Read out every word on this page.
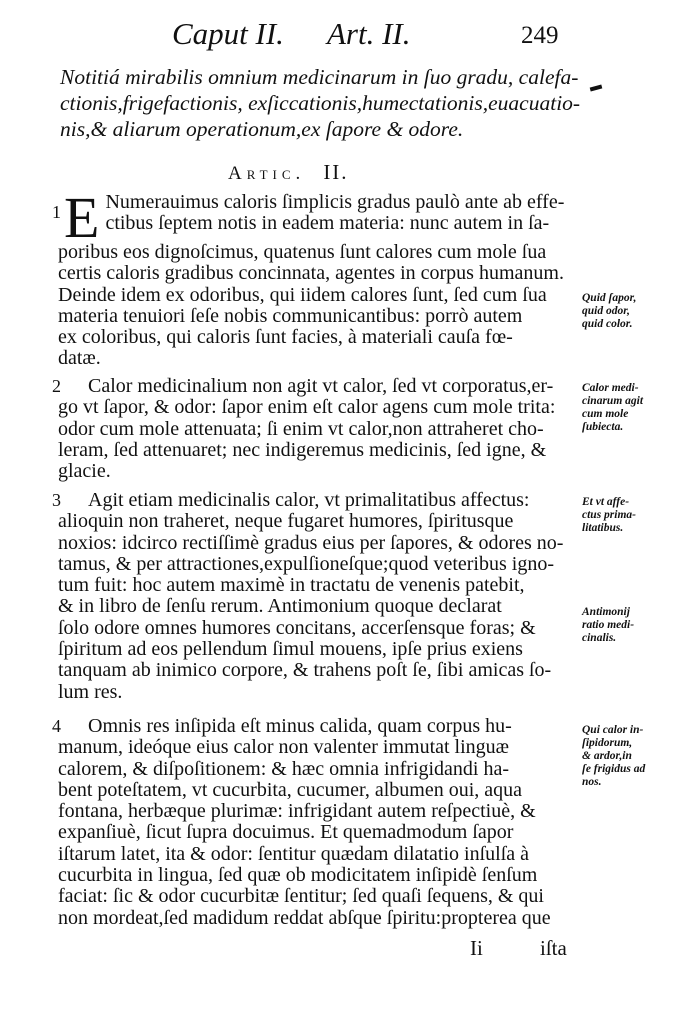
Caput II. Art. II.	249
Notitiá mirabilis omnium medicinarum in ſuo gradu, calefa-
ctionis,frigefactionis, exſiccationis,humectationis,euacuatio-
nis,& aliarum operationum,ex ſapore & odore.
Artic. II.
1 E Numerauimus caloris ſimplicis gradus paulò ante ab effe-
ctibus ſeptem notis in eadem materia: nunc autem in ſa-
poribus eos dignoſcimus, quatenus ſunt calores cum mole ſua
certis caloris gradibus concinnata, agentes in corpus humanum.
Deinde idem ex odoribus, qui iidem calores ſunt, ſed cum ſua
materia tenuiori ſeſe nobis communicantibus: porrò autem
ex coloribus, qui caloris ſunt facies, à materiali cauſa fœ-
datæ.
2	Calor medicinalium non agit vt calor, ſed vt corporatus,er-
go vt ſapor, & odor: ſapor enim eſt calor agens cum mole trita:
odor cum mole attenuata; ſi enim vt calor,non attraheret cho-
leram, ſed attenuaret; nec indigeremus medicinis, ſed igne, &
glacie.
3	Agit etiam medicinalis calor, vt primalitatibus affectus:
alioquin non traheret, neque fugaret humores, ſpiritusque
noxios: idcirco rectiſſimè gradus eius per ſapores, & odores no-
tamus, & per attractiones,expulſioneſque;quod veteribus igno-
tum fuit: hoc autem maximè in tractatu de venenis patebit,
& in libro de ſenſu rerum. Antimonium quoque declarat
ſolo odore omnes humores concitans, accerſensque foras; &
ſpiritum ad eos pellendum ſimul mouens, ipſe prius exiens
tanquam ab inimico corpore, & trahens poſt ſe, ſibi amicas ſo-
lum res.
4	Omnis res inſipida eſt minus calida, quam corpus hu-
manum, ideóque eius calor non valenter immutat linguæ
calorem, & diſpoſitionem: & hæc omnia infrigidandi ha-
bent poteſtatem, vt cucurbita, cucumer, albumen oui, aqua
fontana, herbæque plurimæ: infrigidant autem reſpectiuè, &
expanſiuè, ſicut ſupra docuimus. Et quemadmodum ſapor
iſtarum latet, ita & odor: ſentitur quædam dilatatio inſulſa à
cucurbita in lingua, ſed quæ ob modicitatem inſipidè ſenſum
faciat: ſic & odor cucurbitæ ſentitur; ſed quaſi ſequens, & qui
non mordeat,ſed madidum reddat abſque ſpiritu:propterea que
Quid ſapor,
quid odor,
quid color.
Calor medi-
cinarum agit
cum mole
ſubiecta.
Et vt affe-
ctus prima-
litatibus.
Antimonij
ratio medi-
cinalis.
Qui calor in-
ſipidorum,
& ardor,in
ſe frigidus ad
nos.
Ii	iſta
